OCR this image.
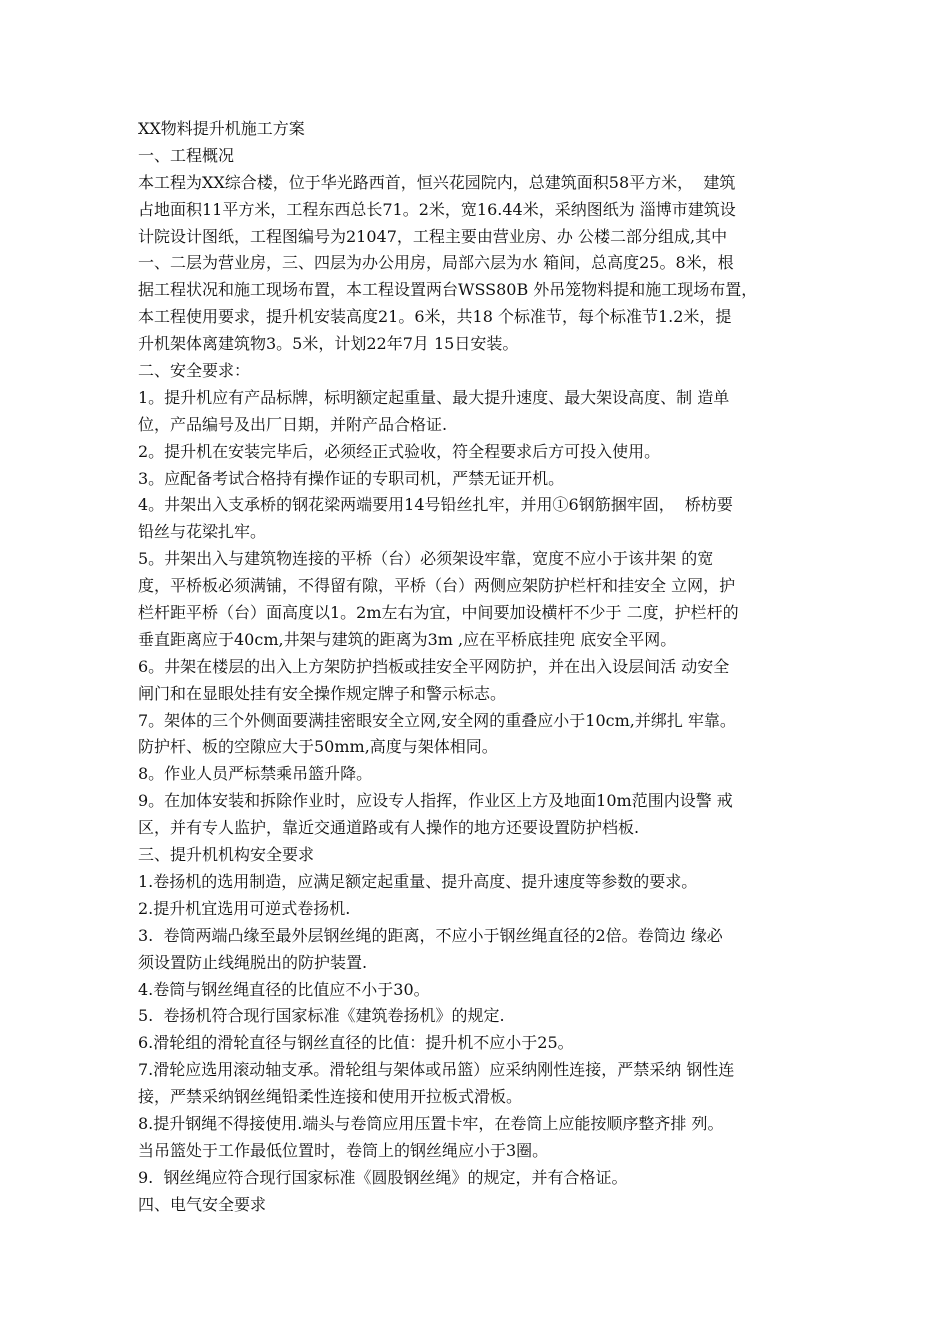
XX物料提升机施工方案
一、工程概况
本工程为XX综合楼，位于华光路西首，恒兴花园院内，总建筑面积58平方米，  建筑
占地面积11平方米，工程东西总长71。2米，宽16.44米，采纳图纸为 淄博市建筑设
计院设计图纸，工程图编号为21047，工程主要由营业房、办 公楼二部分组成,其中
一、二层为营业房，三、四层为办公用房，局部六层为水 箱间，总高度25。8米，根
据工程状况和施工现场布置，本工程设置两台WSS80B 外吊笼物料提和施工现场布置，
本工程使用要求，提升机安装高度21。6米，共18 个标准节，每个标准节1.2米，提
升机架体离建筑物3。5米，计划22年7月 15日安装。
二、安全要求：
1。提升机应有产品标牌，标明额定起重量、最大提升速度、最大架设高度、制 造单
位，产品编号及出厂日期，并附产品合格证.
2。提升机在安装完毕后，必须经正式验收，符全程要求后方可投入使用。
3。应配备考试合格持有操作证的专职司机，严禁无证开机。
4。井架出入支承桥的钢花梁两端要用14号铅丝扎牢，并用①6钢筋捆牢固，  桥枋要
铅丝与花梁扎牢。
5。井架出入与建筑物连接的平桥（台）必须架设牢靠，宽度不应小于该井架 的宽
度，平桥板必须满铺，不得留有隙，平桥（台）两侧应架防护栏杆和挂安全 立网，护
栏杆距平桥（台）面高度以1。2m左右为宜，中间要加设横杆不少于 二度，护栏杆的
垂直距离应于40cm,井架与建筑的距离为3m ,应在平桥底挂兜 底安全平网。
6。井架在楼层的出入上方架防护挡板或挂安全平网防护，并在出入设层间活 动安全
闸门和在显眼处挂有安全操作规定牌子和警示标志。
7。架体的三个外侧面要满挂密眼安全立网,安全网的重叠应小于10cm,并绑扎 牢靠。
防护杆、板的空隙应大于50mm,高度与架体相同。
8。作业人员严标禁乘吊篮升降。
9。在加体安装和拆除作业时，应设专人指挥，作业区上方及地面10m范围内设警 戒
区，并有专人监护，靠近交通道路或有人操作的地方还要设置防护档板.
三、提升机机构安全要求
1.卷扬机的选用制造，应满足额定起重量、提升高度、提升速度等参数的要求。
2.提升机宜选用可逆式卷扬机.
3.  卷筒两端凸缘至最外层钢丝绳的距离，不应小于钢丝绳直径的2倍。卷筒边 缘必
须设置防止线绳脱出的防护装置.
4.卷筒与钢丝绳直径的比值应不小于30。
5.  卷扬机符合现行国家标准《建筑卷扬机》的规定.
6.滑轮组的滑轮直径与钢丝直径的比值：提升机不应小于25。
7.滑轮应选用滚动轴支承。滑轮组与架体或吊篮）应采纳刚性连接，严禁采纳 钢性连
接，严禁采纳钢丝绳铅柔性连接和使用开拉板式滑板。
8.提升钢绳不得接使用.端头与卷筒应用压置卡牢，在卷筒上应能按顺序整齐排 列。
当吊篮处于工作最低位置时，卷筒上的钢丝绳应小于3圈。
9.  钢丝绳应符合现行国家标准《圆股钢丝绳》的规定，并有合格证。
四、电气安全要求
